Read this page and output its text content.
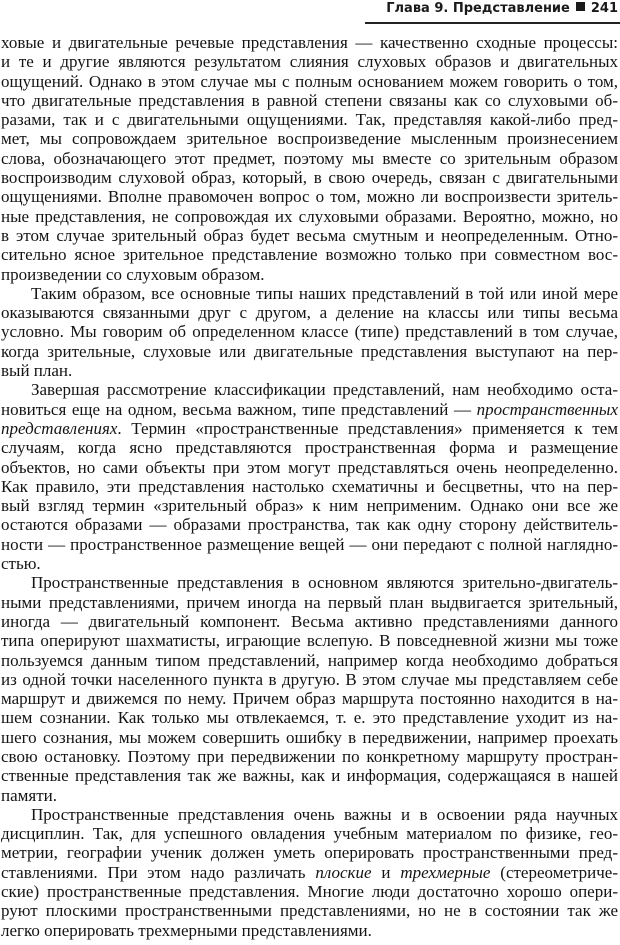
Глава 9. Представление 241
ховые и двигательные речевые представления — качественно сходные процессы:
и те и другие являются результатом слияния слуховых образов и двигательных
ощущений. Однако в этом случае мы с полным основанием можем говорить о том,
что двигательные представления в равной степени связаны как со слуховыми об-
разами, так и с двигательными ощущениями. Так, представляя какой-либо пред-
мет, мы сопровождаем зрительное воспроизведение мысленным произнесением
слова, обозначающего этот предмет, поэтому мы вместе со зрительным образом
воспроизводим слуховой образ, который, в свою очередь, связан с двигательными
ощущениями. Вполне правомочен вопрос о том, можно ли воспроизвести зритель-
ные представления, не сопровождая их слуховыми образами. Вероятно, можно, но
в этом случае зрительный образ будет весьма смутным и неопределенным. Отно-
сительно ясное зрительное представление возможно только при совместном вос-
произведении со слуховым образом.
Таким образом, все основные типы наших представлений в той или иной мере
оказываются связанными друг с другом, а деление на классы или типы весьма
условно. Мы говорим об определенном классе (типе) представлений в том случае,
когда зрительные, слуховые или двигательные представления выступают на пер-
вый план.
Завершая рассмотрение классификации представлений, нам необходимо оста-
новиться еще на одном, весьма важном, типе представлений — пространственных
представлениях. Термин «пространственные представления» применяется к тем
случаям, когда ясно представляются пространственная форма и размещение
объектов, но сами объекты при этом могут представляться очень неопределенно.
Как правило, эти представления настолько схематичны и бесцветны, что на пер-
вый взгляд термин «зрительный образ» к ним неприменим. Однако они все же
остаются образами — образами пространства, так как одну сторону действитель-
ности — пространственное размещение вещей — они передают с полной наглядно-
стью.
Пространственные представления в основном являются зрительно-двигатель-
ными представлениями, причем иногда на первый план выдвигается зрительный,
иногда — двигательный компонент. Весьма активно представлениями данного
типа оперируют шахматисты, играющие вслепую. В повседневной жизни мы тоже
пользуемся данным типом представлений, например когда необходимо добраться
из одной точки населенного пункта в другую. В этом случае мы представляем себе
маршрут и движемся по нему. Причем образ маршрута постоянно находится в на-
шем сознании. Как только мы отвлекаемся, т. е. это представление уходит из на-
шего сознания, мы можем совершить ошибку в передвижении, например проехать
свою остановку. Поэтому при передвижении по конкретному маршруту простран-
ственные представления так же важны, как и информация, содержащаяся в нашей
памяти.
Пространственные представления очень важны и в освоении ряда научных
дисциплин. Так, для успешного овладения учебным материалом по физике, гео-
метрии, географии ученик должен уметь оперировать пространственными пред-
ставлениями. При этом надо различать плоские и трехмерные (стереометриче-
ские) пространственные представления. Многие люди достаточно хорошо опери-
руют плоскими пространственными представлениями, но не в состоянии так же
легко оперировать трехмерными представлениями.
